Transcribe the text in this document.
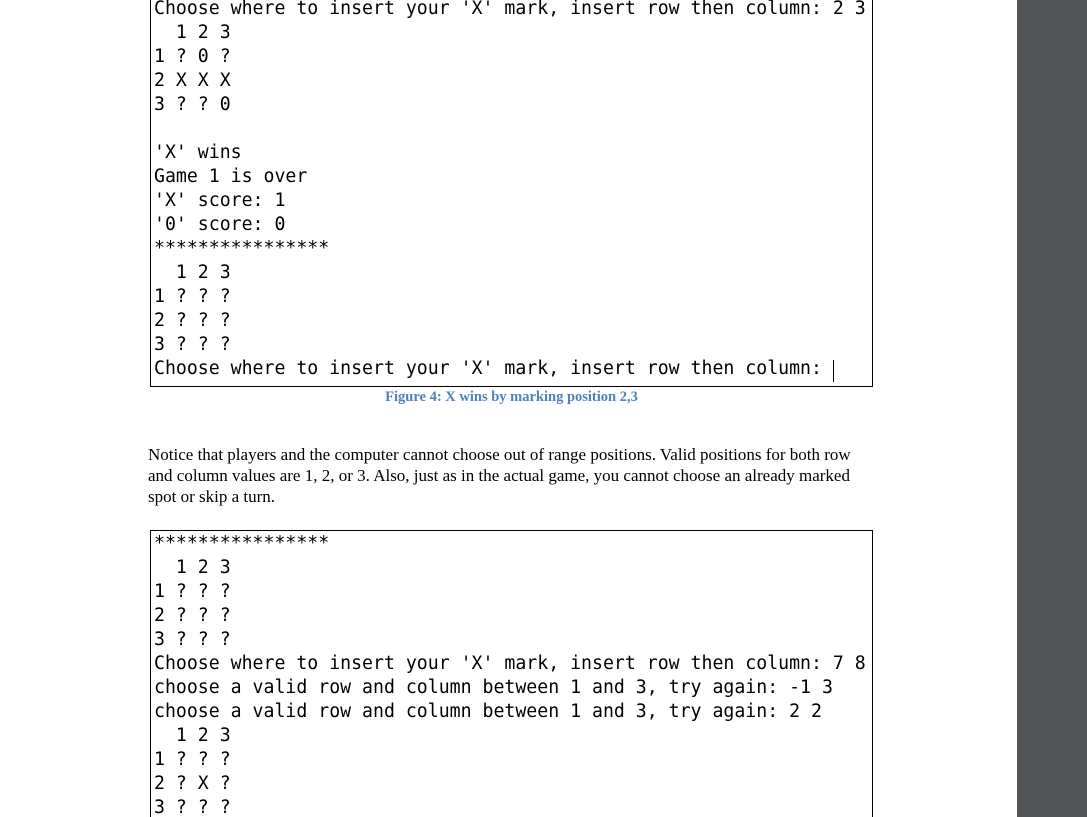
Choose where to insert your 'X' mark, insert row then column: 2 3
1 2 3
1 ? 0 ?
2 X X X
3 ? ? 0
'X' wins
Game 1 is over
'X' score: 1
'0' score: 0
****************
1 2 3
1 ? ? ?
2 ? ? ?
3 ? ? ?
Choose where to insert your 'X' mark, insert row then column:
Figure 4: X wins by marking position 2,3
Notice that players and the computer cannot choose out of range positions. Valid positions for both row and column values are 1, 2, or 3. Also, just as in the actual game, you cannot choose an already marked spot or skip a turn.
****************
1 2 3
1 ? ? ?
2 ? ? ?
3 ? ? ?
Choose where to insert your 'X' mark, insert row then column: 7 8
choose a valid row and column between 1 and 3, try again: -1 3
choose a valid row and column between 1 and 3, try again: 2 2
1 2 3
1 ? ? ?
2 ? X ?
3 ? ? ?
